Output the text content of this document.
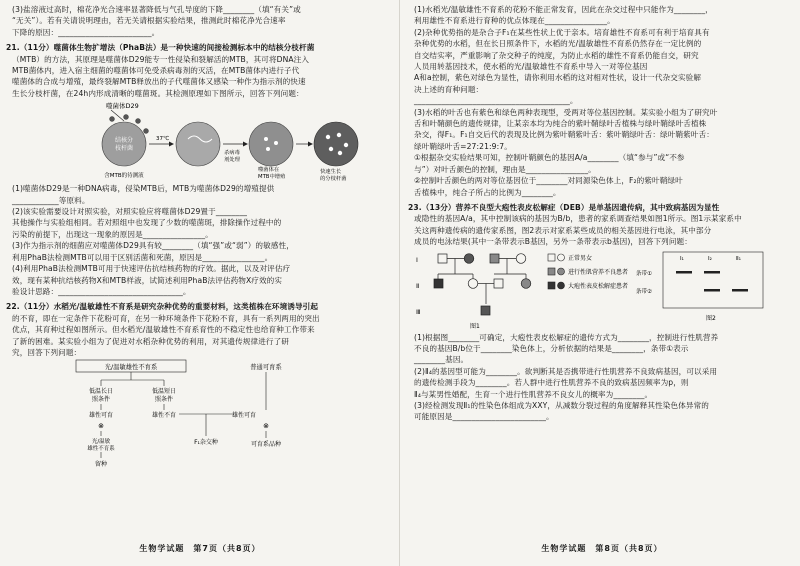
(3)盐溶液过高时，棉花净光合速率显著降低与气孔导度的下降________（填“有关”或

“无关”）。若有关请说明理由，若无关请根据实验结果，推测此时棉花净光合速率

下降的原因：________________________。

21.（11分）噬菌体生物扩增法（PhaB法）是一种快速的间接检测标本中的结核分枝杆菌

（MTB）的方法，其原理是噬菌体D29能专一性侵染和裂解活的MTB，其可将DNA注入

MTB菌体内，进入宿主细菌的噬菌体可免受杀病毒剂的灭活，在MTB菌体内进行子代

噬菌体的合成与增殖，最终裂解MTB释放出的子代噬菌体又感染一种作为指示剂的快速

生长分枝杆菌，在24h内形成清晰的噬菌斑。其检测原理如下图所示，回答下列问题：

噬菌体D29
结核分
枝杆菌
含MTB的待测液
37℃
杀病毒
剂处理
噬菌体在
MTB中增殖
快速生长
的分枝杆菌

(1)噬菌体D29是一种DNA病毒，侵染MTB后，MTB为噬菌体D29的增殖提供

____________等原料。

(2)该实验需要设计对照实验，对照实验应将噬菌体D29置于________

其他操作与实验组相同。若对照组中也发现了少数的噬菌斑，排除操作过程中的

污染的前提下，出现这一现象的原因是________________。

(3)作为指示剂的细菌应对噬菌体D29具有较________（填“强”或“弱”）的敏感性，

利用PhaB法检测MTB可以用于区别活菌和死菌，原因是________________。

(4)利用PhaB法检测MTB可用于快速评估抗结核药物的疗效。据此，以及对评估疗

效，现有某种抗结核药物X和MTB样液，试简述利用PhaB法评估药物X疗效的实

验设计思路：________________________________。

22.（11分）水稻光/温敏雄性不育系是研究杂种优势的重要材料，这类植株在环境诱导引起

的不育，即在一定条件下花粉可育，在另一种环境条件下花粉不育，具有一系列两用的突出

优点，其育种过程如图所示。但水稻光/温敏雄性不育系育性的不稳定性也给育种工作带来

了新的困难。某实验小组为了促进对水稻杂种优势的利用，对其遗传规律进行了研

究，回答下列问题：

光/温敏雄性不育系
低温长日
照条件
低温短日
照条件
雄性可育	雄性不育
⊗
光/温敏
雄性不育系
留种
普通可育系
雄性可育
F₁杂交种
⊗
可育系品种
生物学试题　第7页（共8页）

(1)水稻光/温敏雄性不育系的花粉不能正常发育，因此在杂交过程中只能作为________，

利用雄性不育系进行育种的优点体现在________________。

(2)杂种优势指的是杂合子F₁在某些性状上优于亲本。培育雄性不育系可有利于培育具有

杂种优势的水稻，但在长日照条件下，水稻的光/温敏雄性不育系仍然存在一定比例的

自交结实率，严重影响了杂交种子的纯度，为防止水稻的雄性不育系仍能自交，研究

人员用转基因技术，使水稻的光/温敏雄性不育系中导入一对等位基因

A和a控制，紫色对绿色为显性，请你利用水稻的这对相对性状，设计一代杂交实验解

决上述的育种问题：

________________________________________。

(3)水稻的叶舌也有紫色和绿色两种表现型，受两对等位基因控制。某实验小组为了研究叶

舌和叶鞘颜色的遗传规律，让某亲本均为纯合的紫叶鞘绿叶舌植株与绿叶鞘绿叶舌植株

杂交，得F₁。F₁自交后代的表现及比例为紫叶鞘紫叶舌：紫叶鞘绿叶舌：绿叶鞘紫叶舌：

绿叶鞘绿叶舌=27:21:9:7。

①根据杂交实验结果可知，控制叶鞘颜色的基因A/a________（填“参与”或“不参

与”）对叶舌颜色的控制，理由是________________。

②控制叶舌颜色的两对等位基因位于________对同源染色体上，F₂的紫叶鞘绿叶

舌植株中，纯合子所占的比例为________。

23.（13分）营养不良型大疱性表皮松解症（DEB）是单基因遗传病，其中致病基因为显性

或隐性的基因A/a，其中控制该病的基因为B/b，患者的家系调查结果如图1所示。图1示某家系中

关这两种遗传病的遗传家系图，图2表示对家系某些成员的相关基因进行电泳，其中部分

成员的电泳结果(其中一条带表示B基因，另外一条带表示b基因)，回答下列问题：

Ⅰ
Ⅱ
Ⅲ
图1
正常男女
进行性肌营养不良患者
大疱性表皮松解症患者
Ⅰ₁	Ⅰ₂	Ⅱ₁
条带①
条带②
图2

(1)根据图________可确定，大疱性表皮松解症的遗传方式为________，控制进行性肌营养

不良的基因B/b位于________染色体上，分析依据的结果是________，条带①表示

________基因。

(2)Ⅱ₄的基因型可能为________。欲判断其是否携带进行性肌营养不良致病基因，可以采用

的遗传检测手段为________。若人群中进行性肌营养不良的致病基因频率为p，则

Ⅱ₄与某男性婚配，生育一个进行性肌营养不良女儿的概率为________。

(3)经检测发现Ⅱ₁的性染色体组成为XXY，从减数分裂过程的角度解释其性染色体异常的

可能原因是________________________。

生物学试题　第8页（共8页）
